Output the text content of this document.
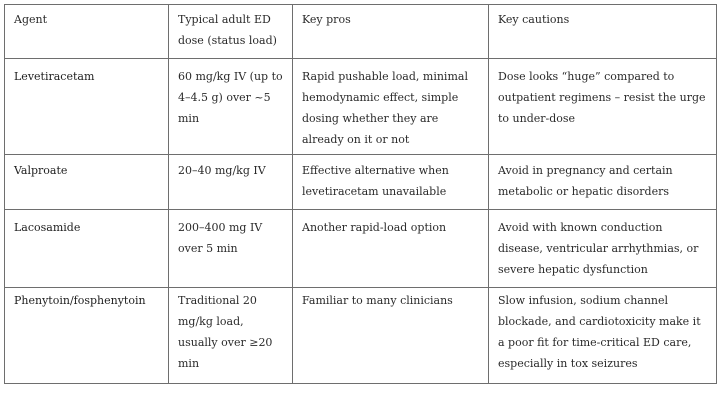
Agent	Typical adult ED dose (status load)	Key pros	Key cautions
Levetiracetam	60 mg/kg IV (up to 4–4.5 g) over ~5 min	Rapid pushable load, minimal hemodynamic effect, simple dosing whether they are already on it or not	Dose looks “huge” compared to outpatient regimens – resist the urge to under-dose
Valproate	20–40 mg/kg IV	Effective alternative when levetiracetam unavailable	Avoid in pregnancy and certain metabolic or hepatic disorders
Lacosamide	200–400 mg IV over 5 min	Another rapid-load option	Avoid with known conduction disease, ventricular arrhythmias, or severe hepatic dysfunction
Phenytoin/fosphenytoin	Traditional 20 mg/kg load, usually over ≥20 min	Familiar to many clinicians	Slow infusion, sodium channel blockade, and cardiotoxicity make it a poor fit for time-critical ED care, especially in tox seizures
